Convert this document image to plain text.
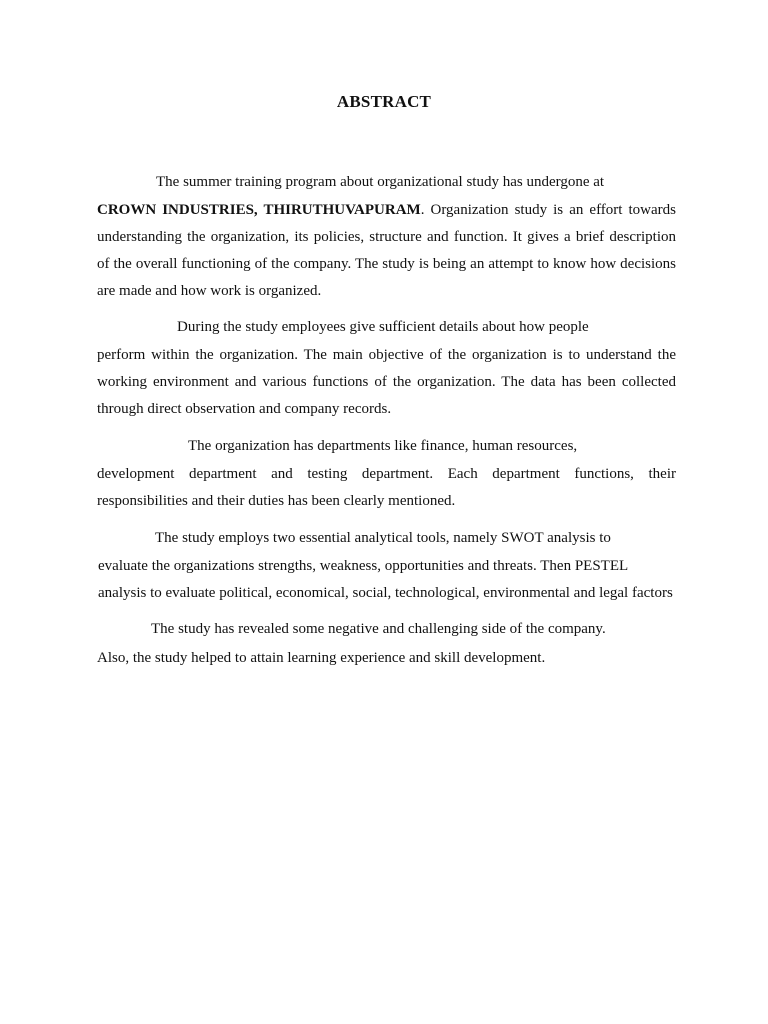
ABSTRACT
The summer training program about organizational study has undergone at
CROWN INDUSTRIES, THIRUTHUVAPURAM. Organization study is an effort towards
understanding the organization, its policies, structure and function. It gives a brief description
of the overall functioning of the company. The study is being an attempt to know how decisions
are made and how work is organized.
During the study employees give sufficient details about how people
perform within the organization. The main objective of the organization is to understand the
working environment and various functions of the organization. The data has been collected
through direct observation and company records.
The organization has departments like finance, human resources,
development department and testing department. Each department functions, their
responsibilities and their duties has been clearly mentioned.
The study employs two essential analytical tools, namely SWOT analysis to
evaluate the organizations strengths, weakness, opportunities and threats. Then PESTEL
analysis to evaluate political, economical, social, technological, environmental and legal factors
The study has revealed some negative and challenging side of the company.
Also, the study helped to attain learning experience and skill development.
